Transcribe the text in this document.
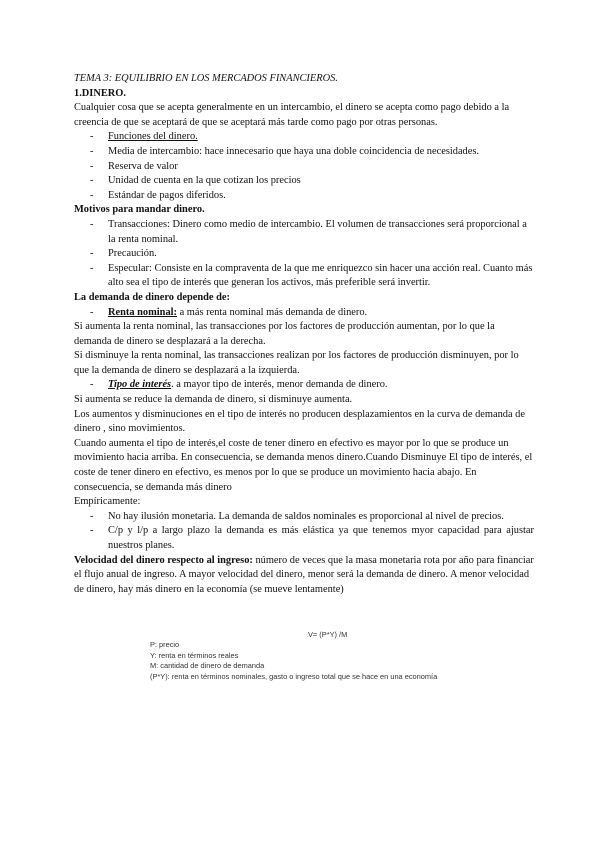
TEMA 3: EQUILIBRIO EN LOS MERCADOS FINANCIEROS.
1.DINERO.
Cualquier cosa que se acepta generalmente en un intercambio, el dinero se acepta como pago debido a la creencia de que se aceptará de que se aceptará más tarde como pago por otras personas.
- Funciones del dinero.
- Media de intercambio: hace innecesario que haya una doble coincidencia de necesidades.
- Reserva de valor
- Unidad de cuenta en la que cotizan los precios
- Estándar de pagos diferidos.
Motivos para mandar dinero.
- Transacciones: Dinero como medio de intercambio. El volumen de transacciones será proporcional a la renta nominal.
- Precaución.
- Especular: Consiste en la compraventa de la que me enriquezco sin hacer una acción real. Cuanto más alto sea el tipo de interés que generan los activos, más preferible será invertir.
La demanda de dinero depende de:
- Renta nominal: a más renta nominal más demanda de dinero.
Si aumenta la renta nominal, las transacciones por los factores de producción aumentan, por lo que la demanda de dinero se desplazará a la derecha.
Si disminuye la renta nominal, las transacciones realizan por los factores de producción disminuyen, por lo que la demanda de dinero se desplazará a la izquierda.
- Tipo de interés. a mayor tipo de interés, menor demanda de dinero.
Si aumenta se reduce la demanda de dinero, si disminuye aumenta.
Los aumentos y disminuciones en el tipo de interés no producen desplazamientos en la curva de demanda de dinero , sino movimientos.
Cuando aumenta el tipo de interés,el coste de tener dinero en efectivo es mayor por lo que se produce un movimiento hacia arriba. En consecuencia, se demanda menos dinero.Cuando Disminuye El tipo de interés, el coste de tener dinero en efectivo, es menos por lo que se produce un movimiento hacia abajo. En consecuencia, se demanda más dinero
Empíricamente:
- No hay ilusión monetaria. La demanda de saldos nominales es proporcional al nivel de precios.
- C/p y l/p a largo plazo la demanda es más elástica ya que tenemos myor capacidad para ajustar nuestros planes.
Velocidad del dinero respecto al ingreso: número de veces que la masa monetaria rota por año para financiar el flujo anual de ingreso. A mayor velocidad del dinero, menor será la demanda de dinero. A menor velocidad de dinero, hay más dinero en la economía (se mueve lentamente)
V= (P*Y) /M
P: precio
Y: renta en términos reales
M: cantidad de dinero de demanda
(P*Y): renta en términos nominales, gasto o ingreso total que se hace en una economía
